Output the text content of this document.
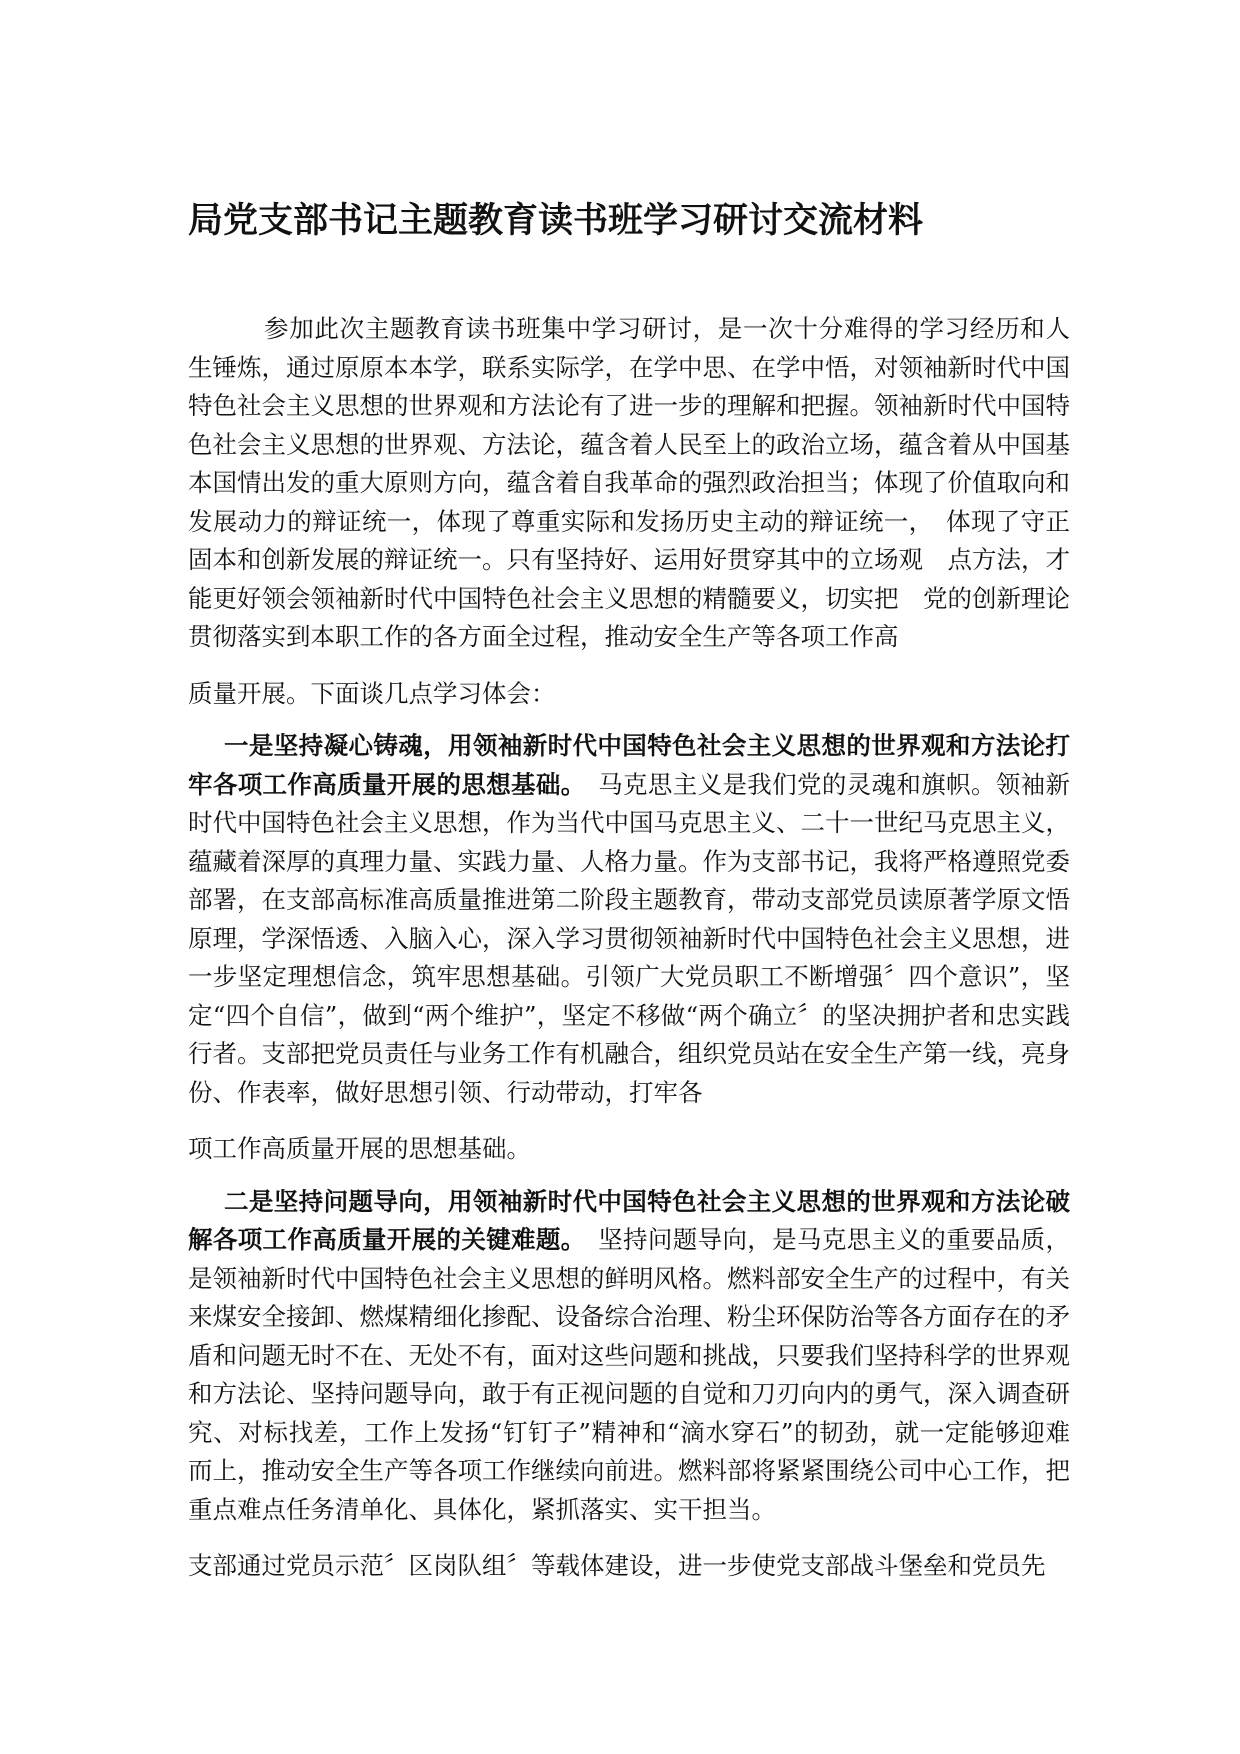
局党支部书记主题教育读书班学习研讨交流材料

参加此次主题教育读书班集中学习研讨，是一次十分难得的学习经历和人生锤炼，通过原原本本学，联系实际学，在学中思、在学中悟，对领袖新时代中国特色社会主义思想的世界观和方法论有了进一步的理解和把握。领袖新时代中国特色社会主义思想的世界观、方法论，蕴含着人民至上的政治立场，蕴含着从中国基本国情出发的重大原则方向，蕴含着自我革命的强烈政治担当；体现了价值取向和发展动力的辩证统一，体现了尊重实际和发扬历史主动的辩证统一，　体现了守正固本和创新发展的辩证统一。只有坚持好、运用好贯穿其中的立场观　点方法，才能更好领会领袖新时代中国特色社会主义思想的精髓要义，切实把　党的创新理论贯彻落实到本职工作的各方面全过程，推动安全生产等各项工作高

质量开展。下面谈几点学习体会：

一是坚持凝心铸魂，用领袖新时代中国特色社会主义思想的世界观和方法论打牢各项工作高质量开展的思想基础。　马克思主义是我们党的灵魂和旗帜。领袖新时代中国特色社会主义思想，作为当代中国马克思主义、二十一世纪马克思主义，蕴藏着深厚的真理力量、实践力量、人格力量。作为支部书记，我将严格遵照党委部署，在支部高标准高质量推进第二阶段主题教育，带动支部党员读原著学原文悟原理，学深悟透、入脑入心，深入学习贯彻领袖新时代中国特色社会主义思想，进一步坚定理想信念，筑牢思想基础。引领广大党员职工不断增强〞四个意识”，坚定“四个自信”，做到“两个维护”，坚定不移做“两个确立〞的坚决拥护者和忠实践行者。支部把党员责任与业务工作有机融合，组织党员站在安全生产第一线，亮身份、作表率，做好思想引领、行动带动，打牢各

项工作高质量开展的思想基础。

二是坚持问题导向，用领袖新时代中国特色社会主义思想的世界观和方法论破解各项工作高质量开展的关键难题。　坚持问题导向，是马克思主义的重要品质，是领袖新时代中国特色社会主义思想的鲜明风格。燃料部安全生产的过程中，有关来煤安全接卸、燃煤精细化掺配、设备综合治理、粉尘环保防治等各方面存在的矛盾和问题无时不在、无处不有，面对这些问题和挑战，只要我们坚持科学的世界观和方法论、坚持问题导向，敢于有正视问题的自觉和刀刃向内的勇气，深入调查研究、对标找差，工作上发扬“钉钉子”精神和“滴水穿石”的韧劲，就一定能够迎难而上，推动安全生产等各项工作继续向前进。燃料部将紧紧围绕公司中心工作，把重点难点任务清单化、具体化，紧抓落实、实干担当。

支部通过党员示范〞区岗队组〞等载体建设，进一步使党支部战斗堡垒和党员先
